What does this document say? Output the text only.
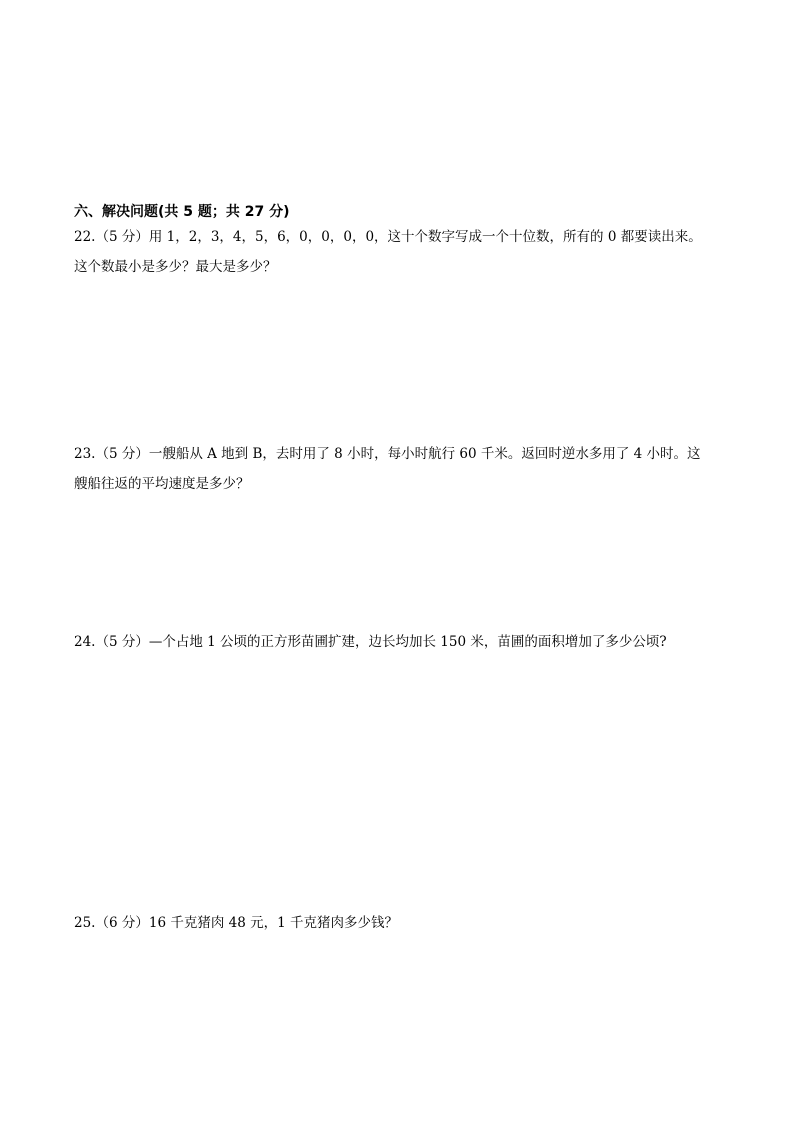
六、解决问题(共 5 题；共 27 分)
22.（5 分）用 1，2，3，4，5，6，0，0，0，0，这十个数字写成一个十位数，所有的 0 都要读出来。
这个数最小是多少？最大是多少？
23.（5 分）一艘船从 A 地到 B，去时用了 8 小时，每小时航行 60 千米。返回时逆水多用了 4 小时。这
艘船往返的平均速度是多少？
24.（5 分）—个占地 1 公顷的正方形苗圃扩建，边长均加长 150 米，苗圃的面积增加了多少公顷?
25.（6 分）16 千克猪肉 48 元，1 千克猪肉多少钱？
